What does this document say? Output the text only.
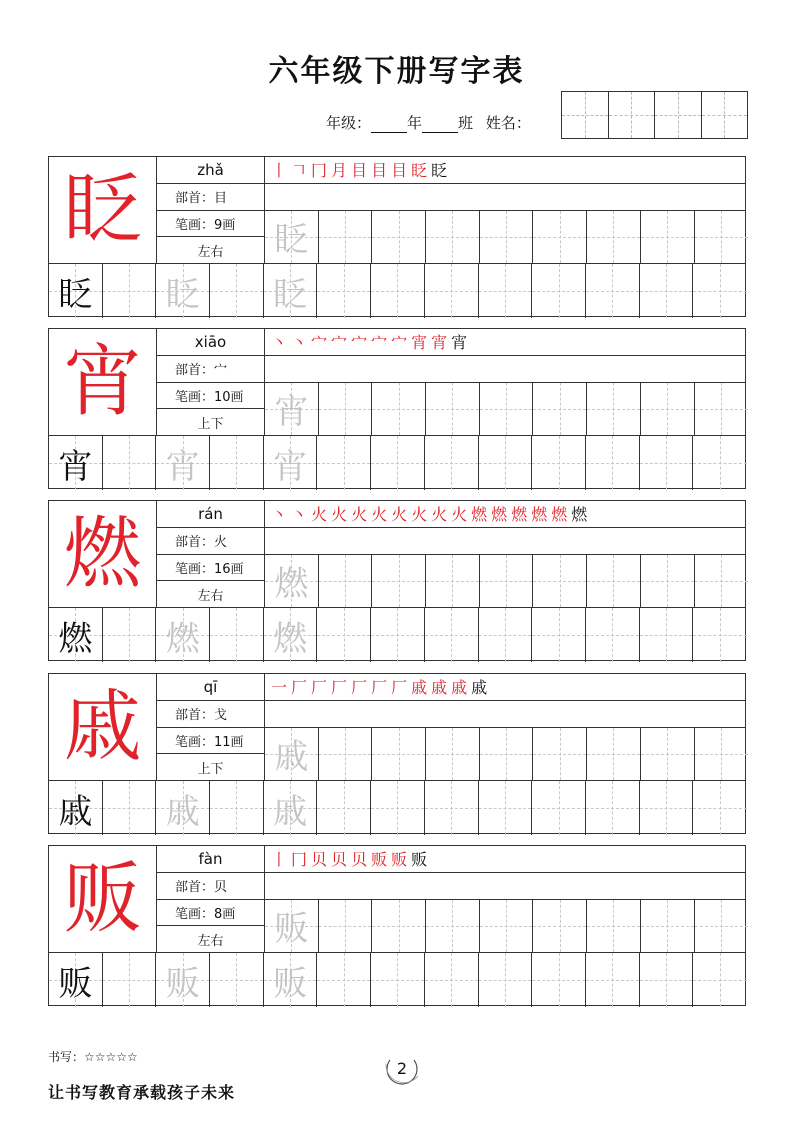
六年级下册写字表
年级： 年 班 姓名：
眨	zhǎ
部首：目
笔画：9画
左右
丨 𠃍 冂 月 目 目 目 眨 眨
眨
眨 眨 眨
宵	xiāo
部首：宀
笔画：10画
上下
丶 丶 宀 宀 宀 宀 宀 宵 宵 宵
宵
宵 宵 宵
燃	rán
部首：火
笔画：16画
左右
丶 丶 火 火 火 火 火 火 火 火 燃 燃 燃 燃 燃 燃
燃
燃 燃 燃
戚	qī
部首：戈
笔画：11画
上下
一 厂 厂 厂 厂 厂 厂 戚 戚 戚 戚
戚
戚 戚 戚
贩	fàn
部首：贝
笔画：8画
左右
丨 冂 贝 贝 贝 贩 贩 贩
贩
贩 贩 贩
书写：☆☆☆☆☆
2
让书写教育承载孩子未来
